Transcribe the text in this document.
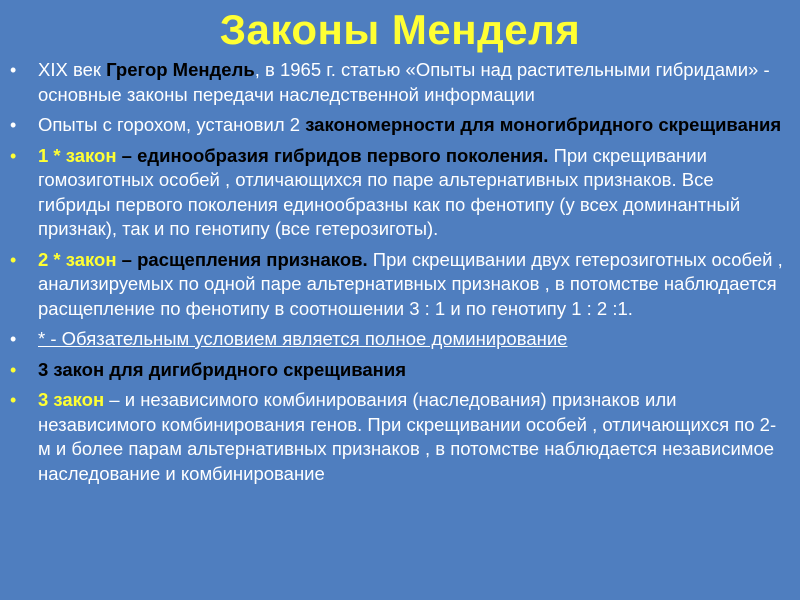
Законы Менделя
• XIX век Грегор Мендель, в 1965 г. статью «Опыты над растительными гибридами» - основные законы передачи наследственной информации
• Опыты с горохом, установил 2 закономерности для моногибридного скрещивания
• 1 * закон – единообразия гибридов первого поколения. При скрещивании гомозиготных особей , отличающихся по паре альтернативных признаков. Все гибриды первого поколения единообразны как по фенотипу (у всех доминантный признак), так и по генотипу (все гетерозиготы).
• 2 * закон – расщепления признаков. При скрещивании двух гетерозиготных особей , анализируемых по одной паре альтернативных признаков , в потомстве наблюдается расщепление по фенотипу в соотношении 3 : 1 и по генотипу 1 : 2 :1.
• * - Обязательным условием является полное доминирование
• 3 закон для дигибридного скрещивания
• 3 закон – и независимого комбинирования (наследования) признаков или независимого комбинирования генов. При скрещивании особей , отличающихся по 2-м и более парам альтернативных признаков , в потомстве наблюдается независимое наследование и комбинирование
